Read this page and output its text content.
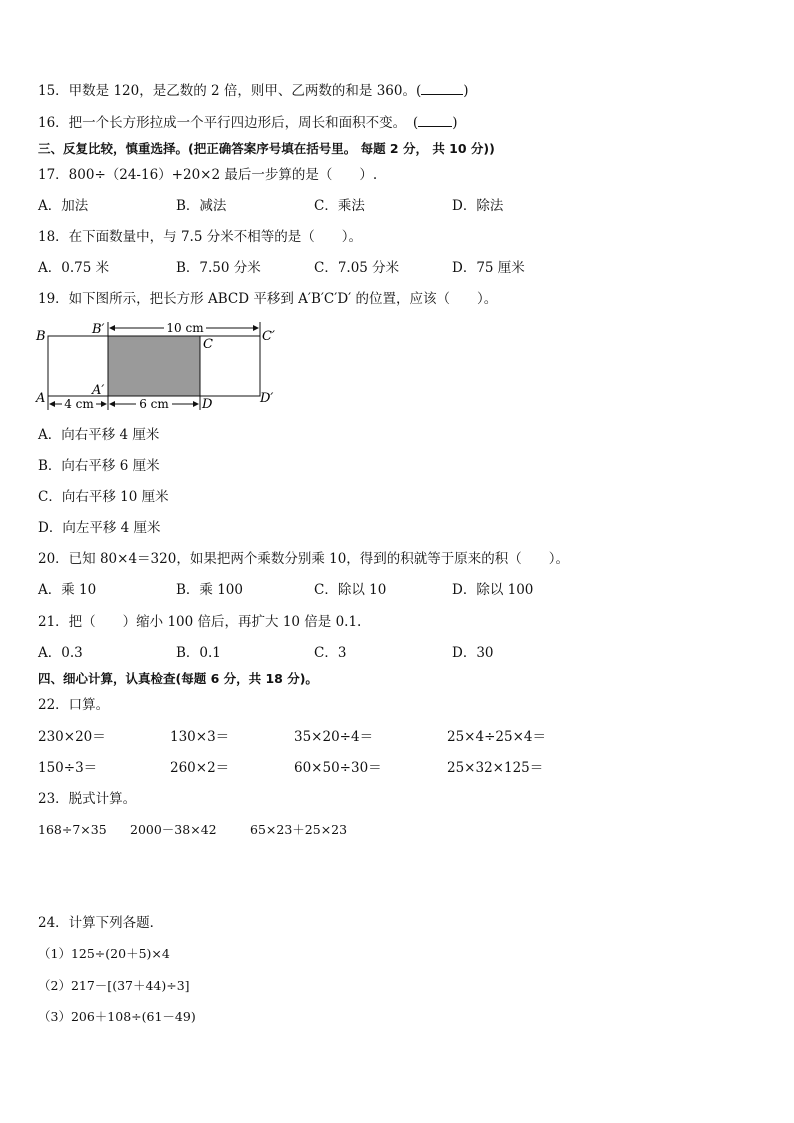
15．甲数是 120，是乙数的 2 倍，则甲、乙两数的和是 360。(	)
16．把一个长方形拉成一个平行四边形后，周长和面积不变。　(	)
三、反复比较，慎重选择。(把正确答案序号填在括号里。 每题 2 分， 共 10 分))
17．800÷（24-16）+20×2 最后一步算的是（　　）.
A．加法	B．减法	C．乘法	D．除法
18．在下面数量中，与 7.5 分米不相等的是（　　）。
A．0.75 米	B．7.50 分米	C．7.05 分米	D．75 厘米
19．如下图所示，把长方形 ABCD 平移到 A′B′C′D′ 的位置，应该（　　）。
10 cm
4 cm	6 cm
B	B′
C
C′
A
A′
D	D′
A．向右平移 4 厘米
B．向右平移 6 厘米
C．向右平移 10 厘米
D．向左平移 4 厘米
20．已知 80×4＝320，如果把两个乘数分别乘 10，得到的积就等于原来的积（　　）。
A．乘 10	B．乘 100	C．除以 10	D．除以 100
21．把（　　）缩小 100 倍后，再扩大 10 倍是 0.1.
A．0.3	B．0.1	C．3	D．30
四、细心计算，认真检查(每题 6 分，共 18 分)。
22．口算。
230×20＝	130×3＝	35×20÷4＝	25×4÷25×4＝
150÷3＝	260×2＝	60×50÷30＝	25×32×125＝
23．脱式计算。
168÷7×35 2000－38×42	65×23＋25×23
24．计算下列各题．
（1）125÷(20＋5)×4
（2）217－[(37＋44)÷3]
（3）206＋108÷(61－49)
